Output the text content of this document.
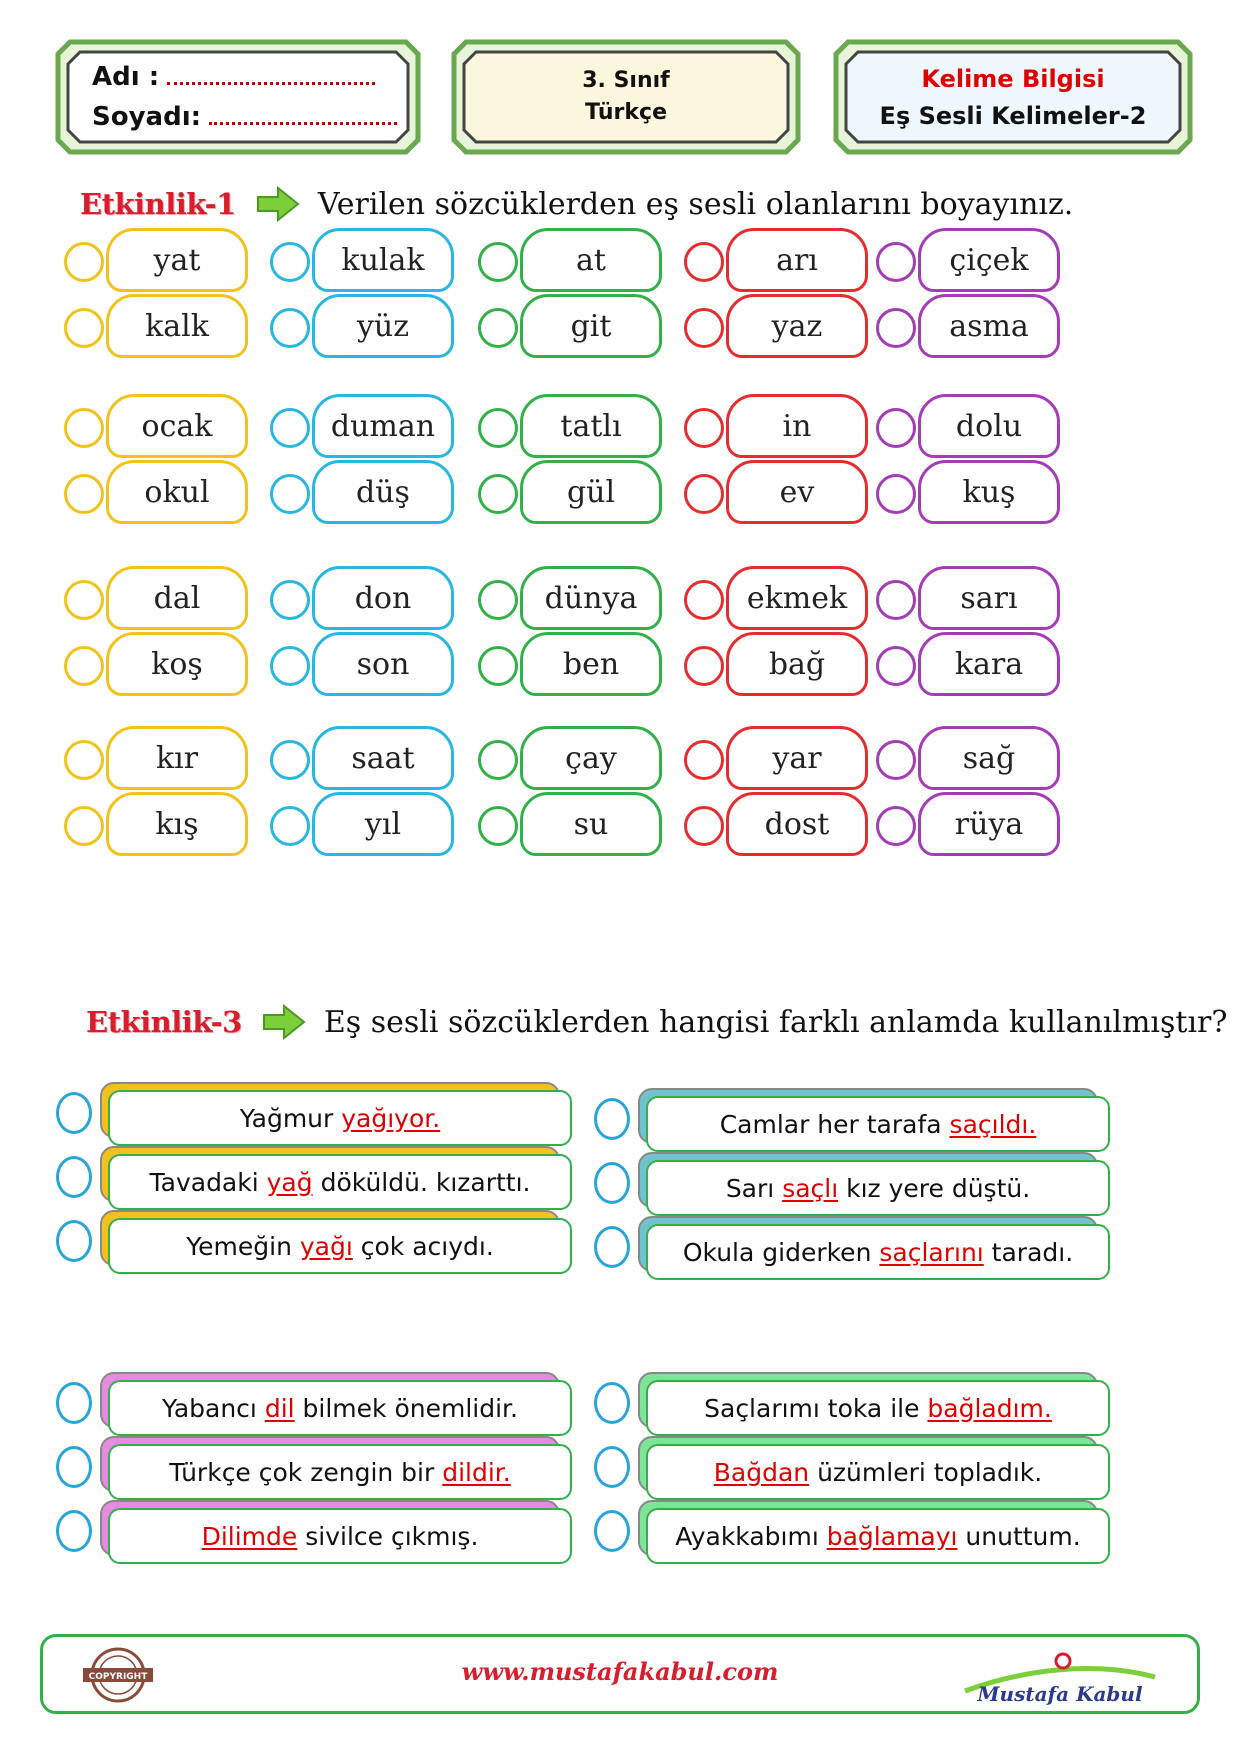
Adı :
Soyadı:
3. Sınıf
Türkçe
Kelime Bilgisi
Eş Sesli Kelimeler-2
Etkinlik-1	Verilen sözcüklerden eş sesli olanlarını boyayınız.
yat
kalk
kulak
yüz
at
git
arı
yaz
çiçek
asma
ocak
okul
duman
düş
tatlı
gül
in
ev
dolu
kuş
dal
koş
don
son
dünya
ben
ekmek
bağ
sarı
kara
kır
kış
saat
yıl
çay
su
yar
dost
sağ
rüya
Etkinlik-3	Eş sesli sözcüklerden hangisi farklı anlamda kullanılmıştır?
Yağmur yağıyor.
Tavadaki yağ döküldü. kızarttı.
Yemeğin yağı çok acıydı.
Camlar her tarafa saçıldı.
Sarı saçlı kız yere düştü.
Okula giderken saçlarını taradı.
Yabancı dil bilmek önemlidir.
Türkçe çok zengin bir dildir.
Dilimde sivilce çıkmış.
Saçlarımı toka ile bağladım.
Bağdan üzümleri topladık.
Ayakkabımı bağlamayı unuttum.
COPYRIGHT	www.mustafakabul.com
Mustafa Kabul
